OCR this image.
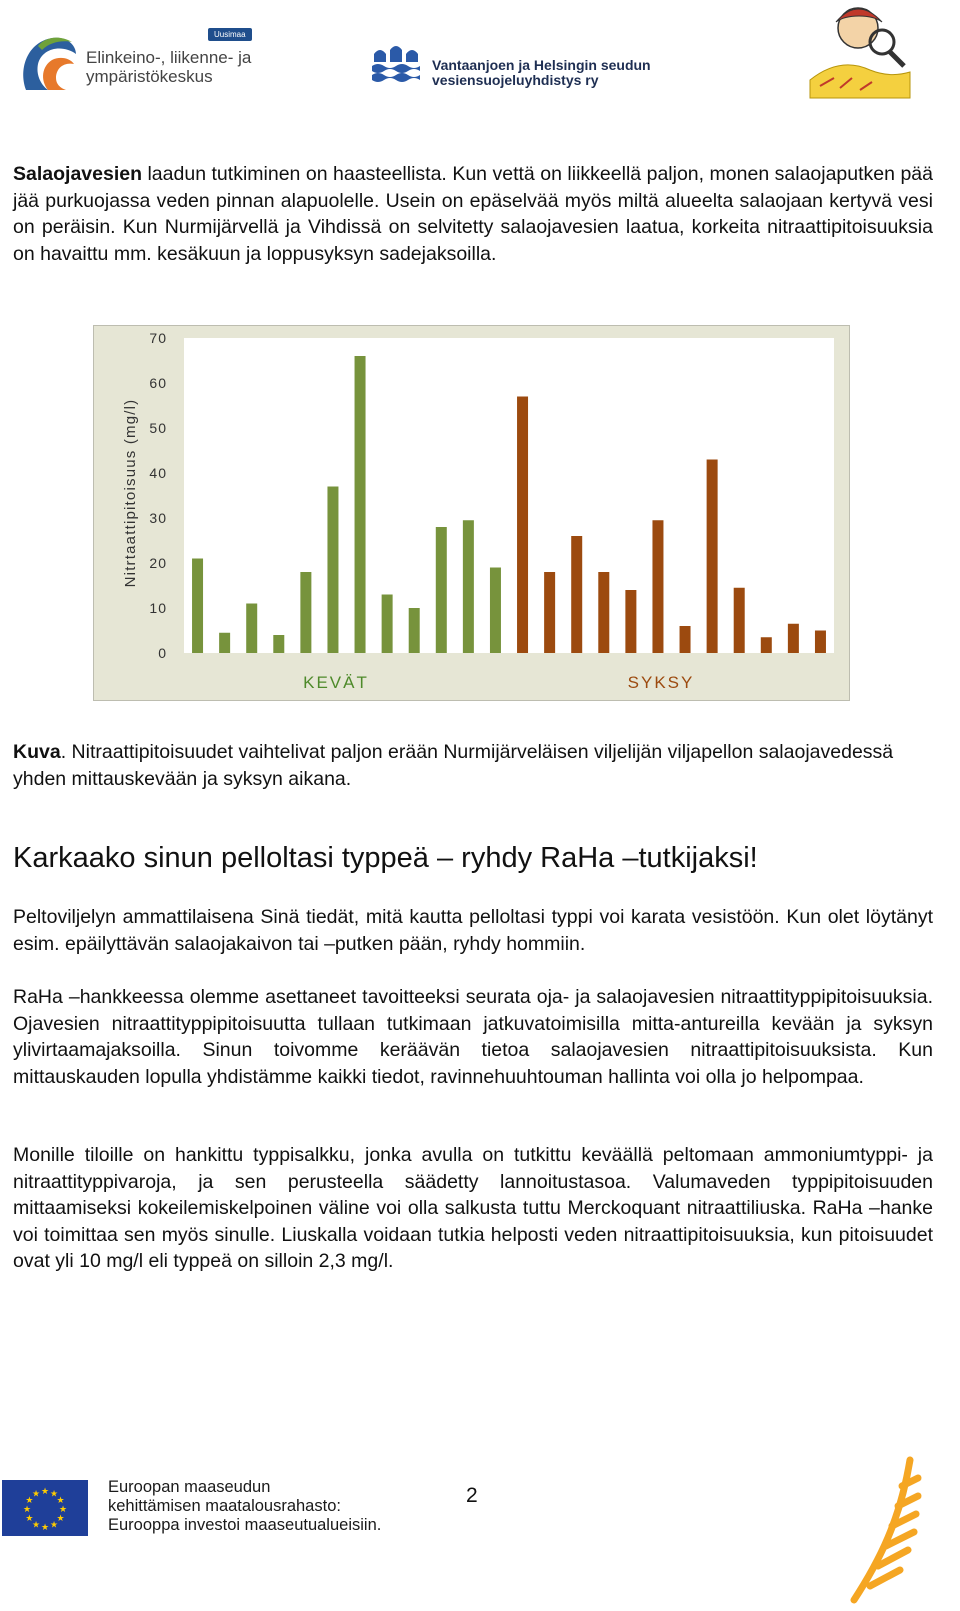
Uusimaa
Elinkeino-, liikenne- ja
ympäristökeskus
Vantaanjoen ja Helsingin seudun
vesiensuojeluyhdistys ry
Salaojavesien laadun tutkiminen on haasteellista. Kun vettä on liikkeellä paljon, monen salaojaputken pää jää purkuojassa veden pinnan alapuolelle. Usein on epäselvää myös miltä alueelta salaojaan kertyvä vesi on peräisin. Kun Nurmijärvellä ja Vihdissä on selvitetty salaojavesien laatua, korkeita nitraattipitoisuuksia on havaittu mm. kesäkuun ja loppusyksyn sadejaksoilla.
70
60
50
40
30
20
10
0
Nitrtaattipitoisuus (mg/l)
KEVÄT	SYKSY
Kuva. Nitraattipitoisuudet vaihtelivat paljon erään Nurmijärveläisen viljelijän viljapellon salaojavedessä yhden mittauskevään ja syksyn aikana.
Karkaako sinun pelloltasi typpeä – ryhdy RaHa –tutkijaksi!
Peltoviljelyn ammattilaisena Sinä tiedät, mitä kautta pelloltasi typpi voi karata vesistöön. Kun olet löytänyt esim. epäilyttävän salaojakaivon tai –putken pään, ryhdy hommiin.
RaHa –hankkeessa olemme asettaneet tavoitteeksi seurata oja- ja salaojavesien nitraattityppipitoisuuksia. Ojavesien nitraattityppipitoisuutta tullaan tutkimaan jatkuvatoimisilla mitta-antureilla kevään ja syksyn ylivirtaamajaksoilla. Sinun toivomme keräävän tietoa salaojavesien nitraattipitoisuuksista. Kun mittauskauden lopulla yhdistämme kaikki tiedot, ravinnehuuhtouman hallinta voi olla jo helpompaa.
Monille tiloille on hankittu typpisalkku, jonka avulla on tutkittu keväällä peltomaan ammoniumtyppi- ja nitraattityppivaroja, ja sen perusteella säädetty lannoitustasoa. Valumaveden typpipitoisuuden mittaamiseksi kokeilemiskelpoinen väline voi olla salkusta tuttu Merckoquant nitraattiliuska. RaHa –hanke voi toimittaa sen myös sinulle. Liuskalla voidaan tutkia helposti veden nitraattipitoisuuksia, kun pitoisuudet ovat yli 10 mg/l eli typpeä on silloin 2,3 mg/l.
★
★
★
★
★
★
★
★
★ ★ ★
★
Euroopan maaseudun
kehittämisen maatalousrahasto:
Eurooppa investoi maaseutualueisiin.
2
